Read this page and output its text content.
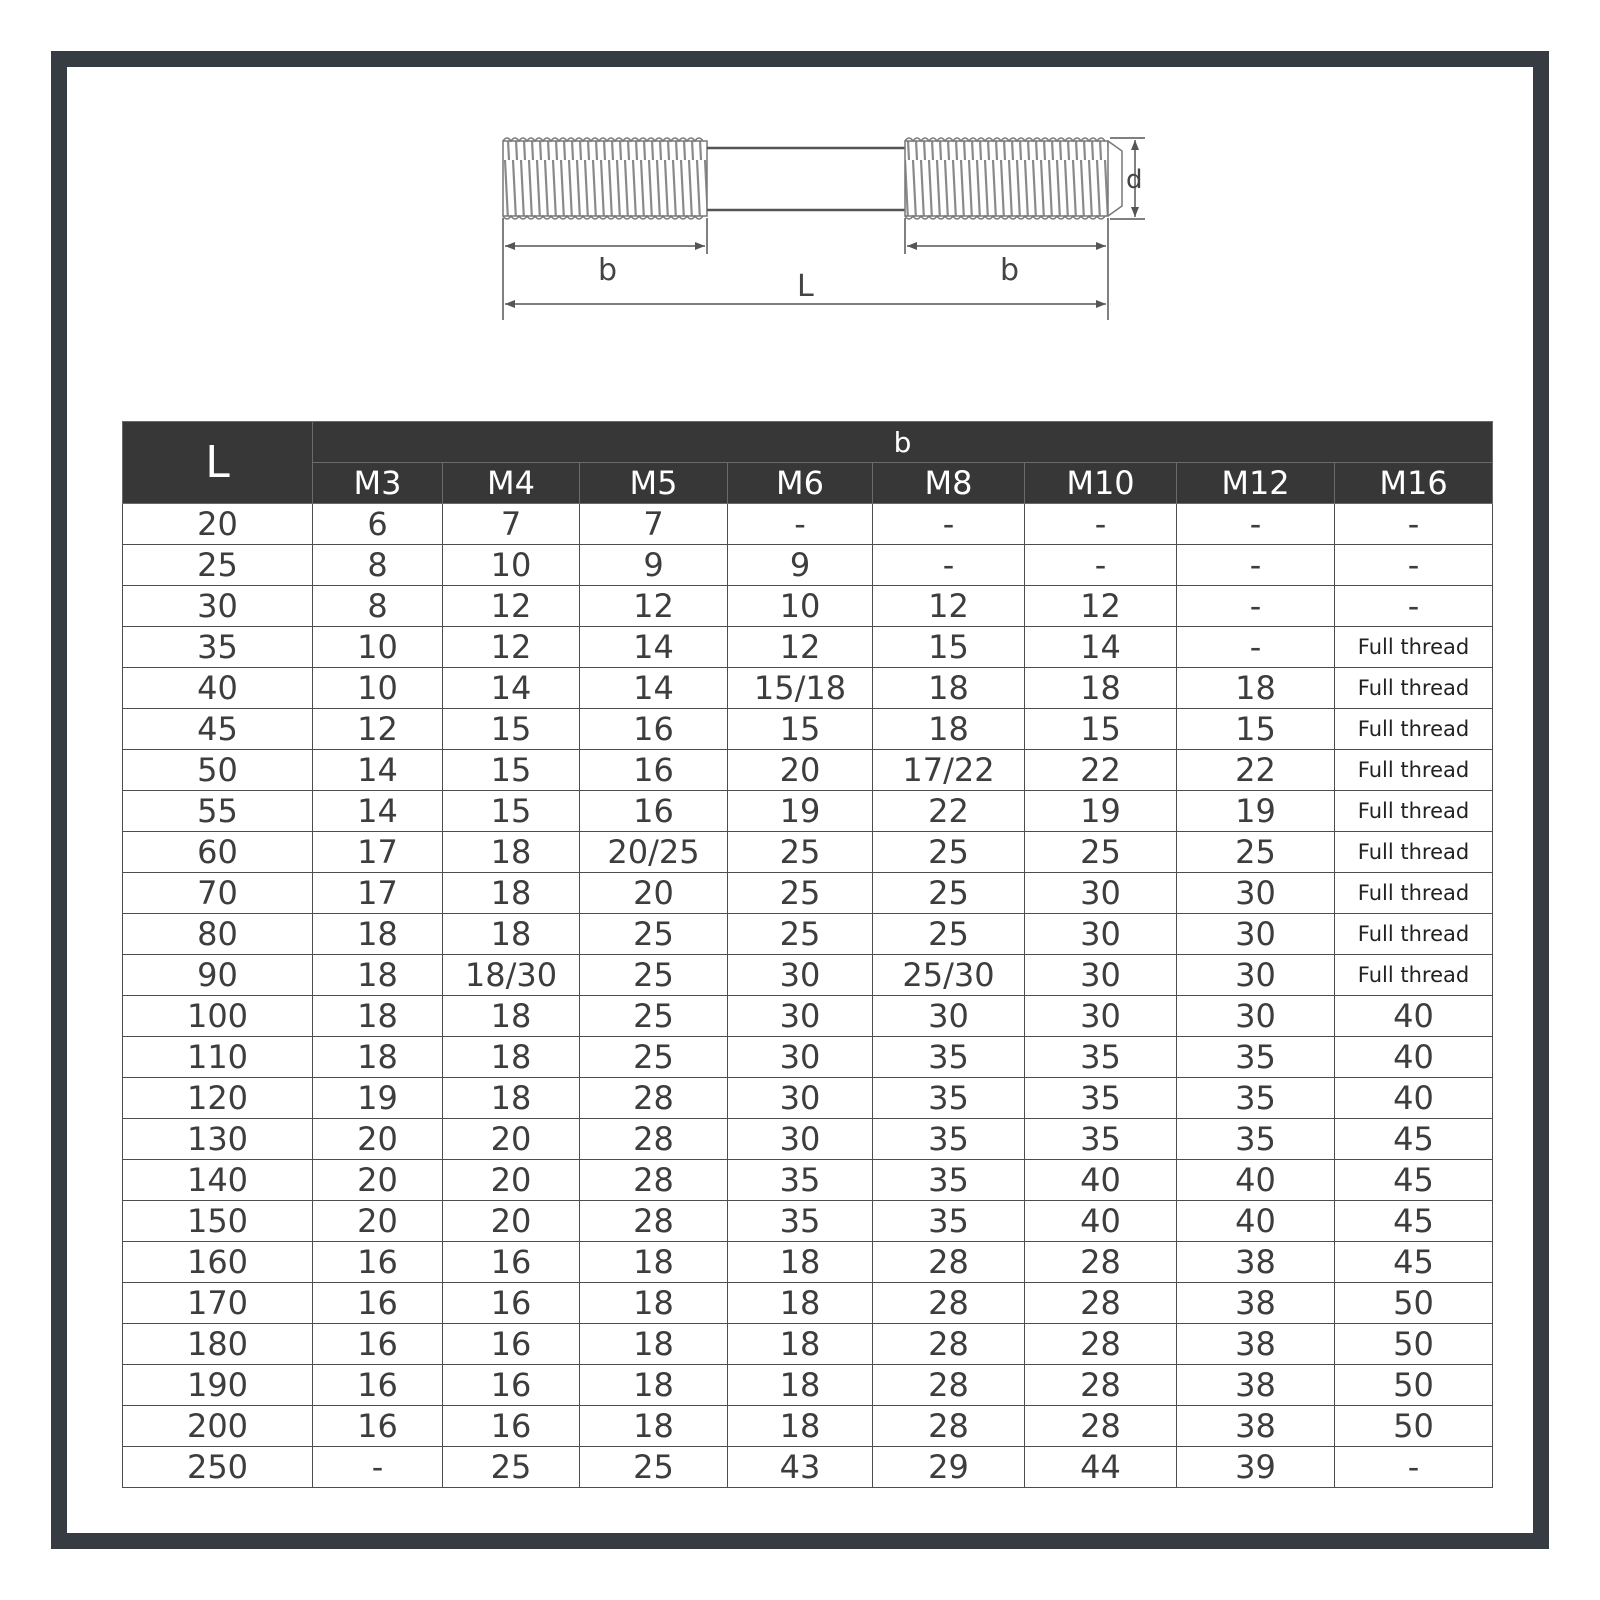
d
b	b
L
L	b							
	M3	M4	M5	M6	M8	M10	M12	M16
20	6	7	7	-	-	-	-	-
25	8	10	9	9	-	-	-	-
30	8	12	12	10	12	12	-	-
35	10	12	14	12	15	14	-	Full thread
40	10	14	14	15/18	18	18	18	Full thread
45	12	15	16	15	18	15	15	Full thread
50	14	15	16	20	17/22	22	22	Full thread
55	14	15	16	19	22	19	19	Full thread
60	17	18	20/25	25	25	25	25	Full thread
70	17	18	20	25	25	30	30	Full thread
80	18	18	25	25	25	30	30	Full thread
90	18	18/30	25	30	25/30	30	30	Full thread
100	18	18	25	30	30	30	30	40
110	18	18	25	30	35	35	35	40
120	19	18	28	30	35	35	35	40
130	20	20	28	30	35	35	35	45
140	20	20	28	35	35	40	40	45
150	20	20	28	35	35	40	40	45
160	16	16	18	18	28	28	38	45
170	16	16	18	18	28	28	38	50
180	16	16	18	18	28	28	38	50
190	16	16	18	18	28	28	38	50
200	16	16	18	18	28	28	38	50
250	-	25	25	43	29	44	39	-
